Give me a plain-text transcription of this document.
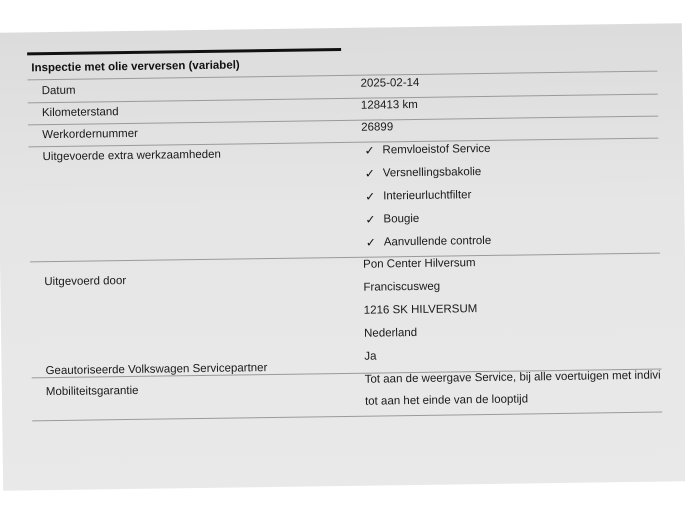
Inspectie met olie verversen (variabel)
Datum
2025-02-14
Kilometerstand
128413 km
Werkordernummer
26899
Uitgevoerde extra werkzaamheden	✓ Remvloeistof Service
✓ Versnellingsbakolie
✓ Interieurluchtfilter
✓ Bougie
✓ Aanvullende controle
Uitgevoerd door
Pon Center Hilversum
Franciscusweg
1216 SK HILVERSUM
Nederland
Geautoriseerde Volkswagen Servicepartner
Ja
Mobiliteitsgarantie
Tot aan de weergave Service, bij alle voertuigen met indivi
tot aan het einde van de looptijd
